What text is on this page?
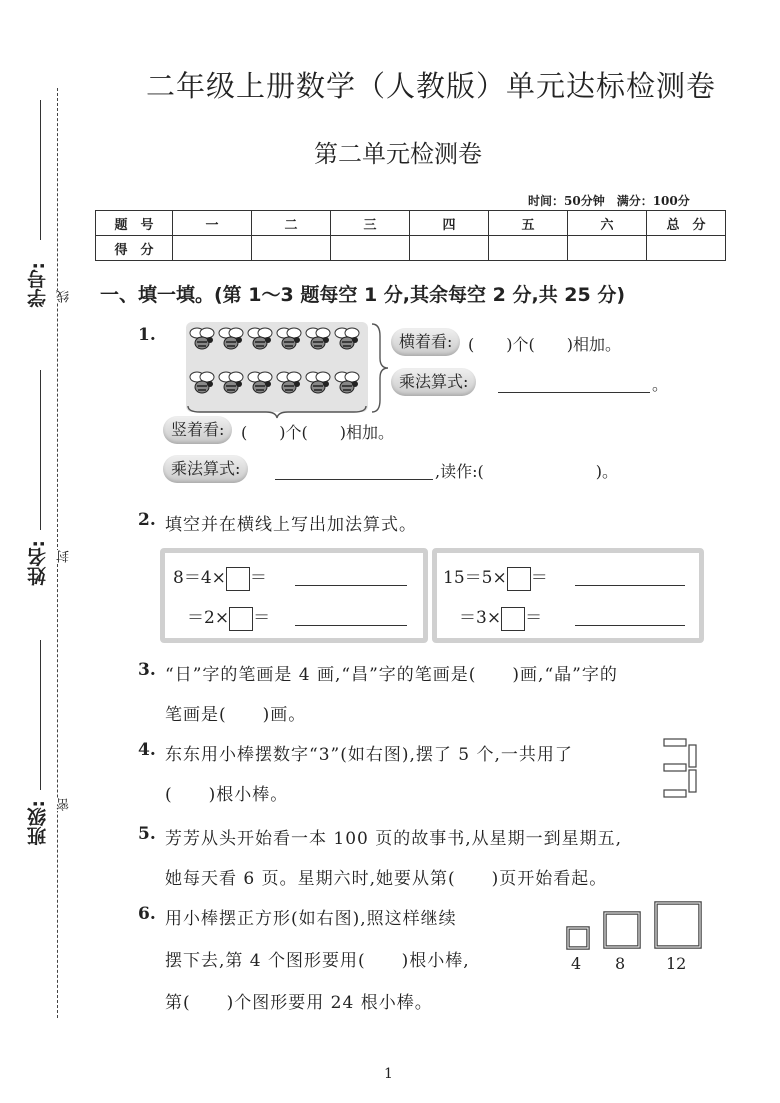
学号:
姓名:
班级:
线
封
密
二年级上册数学（人教版）单元达标检测卷
第二单元检测卷
时间：50分钟　满分：100分
题　号	一	二	三	四	五	六	总　分
得　分							
一、填一填。(第 1～3 题每空 1 分,其余每空 2 分,共 25 分)
1.	横着看: (　　)个(　　)相加。
乘法算式:	。
竖着看:	(　　)个(　　)相加。
乘法算式:	,读作:(　　　　　　　)。
2. 填空并在横线上写出加法算式。
8＝4× ＝
＝2× ＝
15＝5× ＝
＝3× ＝
3. “日”字的笔画是 4 画,“昌”字的笔画是(　　)画,“晶”字的
笔画是(　　)画。
4. 东东用小棒摆数字“3”(如右图),摆了 5 个,一共用了
(　　)根小棒。
5. 芳芳从头开始看一本 100 页的故事书,从星期一到星期五,
她每天看 6 页。星期六时,她要从第(　　)页开始看起。
6. 用小棒摆正方形(如右图),照这样继续
摆下去,第 4 个图形要用(　　)根小棒,
第(　　)个图形要用 24 根小棒。
4 8	12
1
